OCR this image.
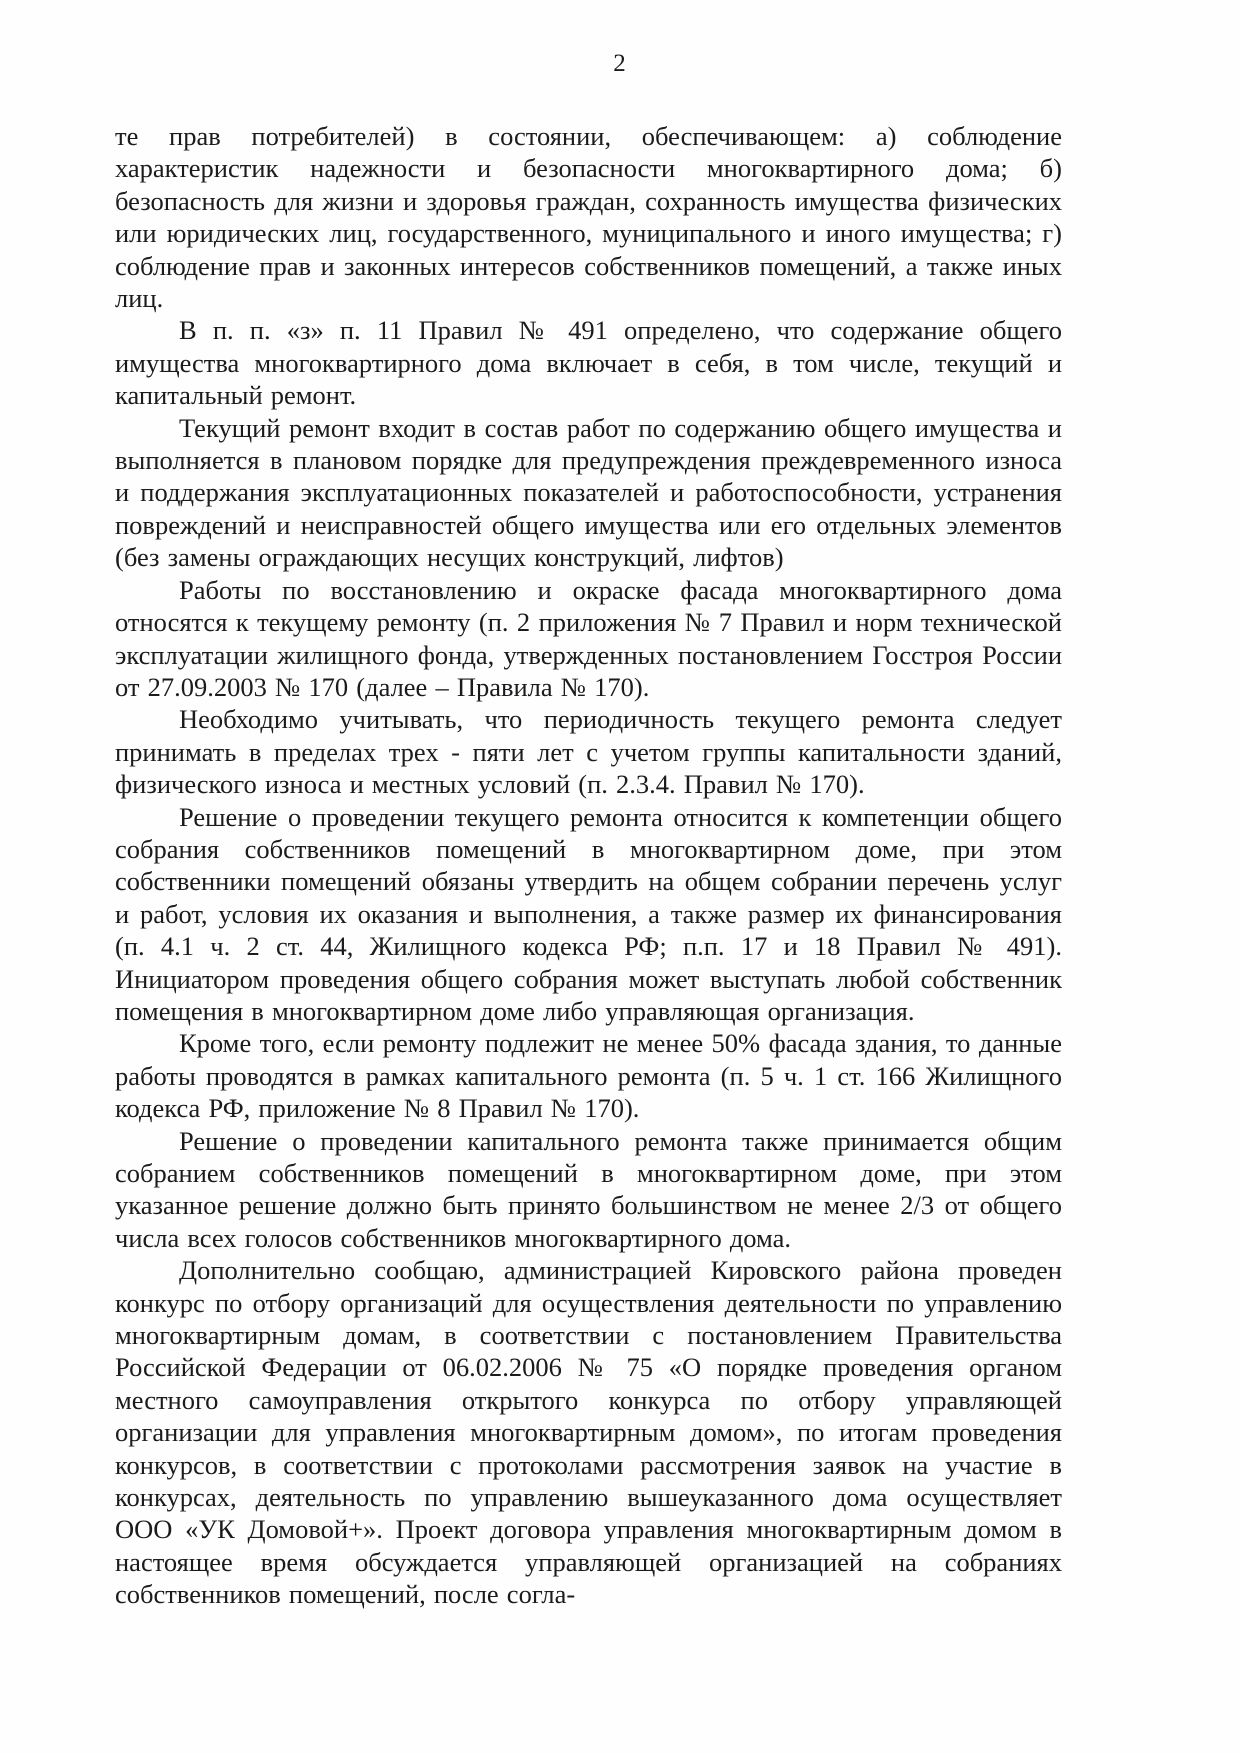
2

те прав потребителей) в состоянии, обеспечивающем: а) соблюдение характеристик надежности и безопасности многоквартирного дома; б) безопасность для жизни и здоровья граждан, сохранность имущества физических или юридических лиц, государственного, муниципального и иного имущества; г) соблюдение прав и законных интересов собственников помещений, а также иных лиц.

В п. п. «з» п. 11 Правил № 491 определено, что содержание общего имущества многоквартирного дома включает в себя, в том числе, текущий и капитальный ремонт.

Текущий ремонт входит в состав работ по содержанию общего имущества и выполняется в плановом порядке для предупреждения преждевременного износа и поддержания эксплуатационных показателей и работоспособности, устранения повреждений и неисправностей общего имущества или его отдельных элементов (без замены ограждающих несущих конструкций, лифтов)

Работы по восстановлению и окраске фасада многоквартирного дома относятся к текущему ремонту (п. 2 приложения № 7 Правил и норм технической эксплуатации жилищного фонда, утвержденных постановлением Госстроя России от 27.09.2003 № 170 (далее – Правила № 170).

Необходимо учитывать, что периодичность текущего ремонта следует принимать в пределах трех - пяти лет с учетом группы капитальности зданий, физического износа и местных условий (п. 2.3.4. Правил № 170).

Решение о проведении текущего ремонта относится к компетенции общего собрания собственников помещений в многоквартирном доме, при этом собственники помещений обязаны утвердить на общем собрании перечень услуг и работ, условия их оказания и выполнения, а также размер их финансирования (п. 4.1 ч. 2 ст. 44, Жилищного кодекса РФ; п.п. 17 и 18 Правил № 491). Инициатором проведения общего собрания может выступать любой собственник помещения в многоквартирном доме либо управляющая организация.

Кроме того, если ремонту подлежит не менее 50% фасада здания, то данные работы проводятся в рамках капитального ремонта (п. 5 ч. 1 ст. 166 Жилищного кодекса РФ, приложение № 8 Правил № 170).

Решение о проведении капитального ремонта также принимается общим собранием собственников помещений в многоквартирном доме, при этом указанное решение должно быть принято большинством не менее 2/3 от общего числа всех голосов собственников многоквартирного дома.

Дополнительно сообщаю, администрацией Кировского района проведен конкурс по отбору организаций для осуществления деятельности по управлению многоквартирным домам, в соответствии с постановлением Правительства Российской Федерации от 06.02.2006 № 75 «О порядке проведения органом местного самоуправления открытого конкурса по отбору управляющей организации для управления многоквартирным домом», по итогам проведения конкурсов, в соответствии с протоколами рассмотрения заявок на участие в конкурсах, деятельность по управлению вышеуказанного дома осуществляет ООО «УК Домовой+». Проект договора управления многоквартирным домом в настоящее время обсуждается управляющей организацией на собраниях собственников помещений, после согла-
